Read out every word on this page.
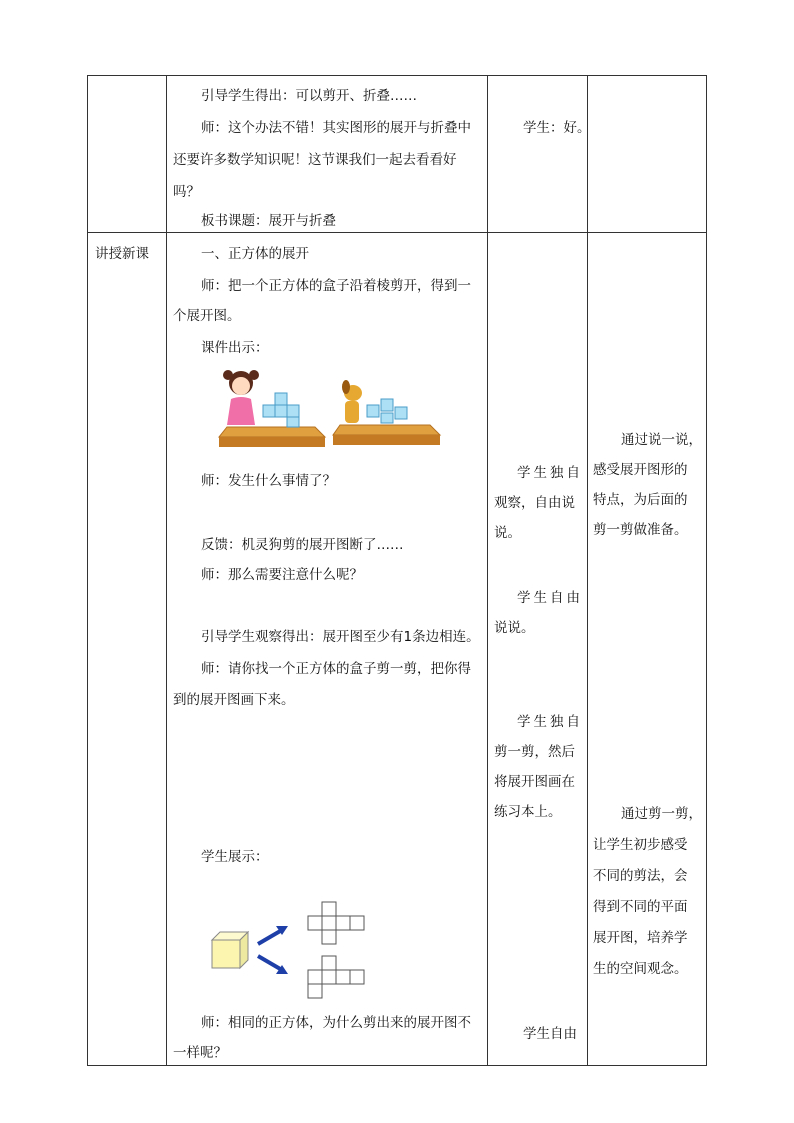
引导学生得出：可以剪开、折叠……
师：这个办法不错！其实图形的展开与折叠中
还要许多数学知识呢！这节课我们一起去看看好
吗？
板书课题：展开与折叠
学生：好。
讲授新课	一、正方体的展开
师：把一个正方体的盒子沿着棱剪开，得到一
个展开图。
课件出示：
师：发生什么事情了？
反馈：机灵狗剪的展开图断了……
师：那么需要注意什么呢？
引导学生观察得出：展开图至少有1条边相连。
师：请你找一个正方体的盒子剪一剪，把你得
到的展开图画下来。
学生展示：
师：相同的正方体，为什么剪出来的展开图不
一样呢？
学生独自
观察，自由说
说。
学生自由
说说。
学生独自
剪一剪，然后
将展开图画在
练习本上。
学生自由
通过说一说，
感受展开图形的
特点，为后面的
剪一剪做准备。
通过剪一剪，
让学生初步感受
不同的剪法，会
得到不同的平面
展开图，培养学
生的空间观念。
